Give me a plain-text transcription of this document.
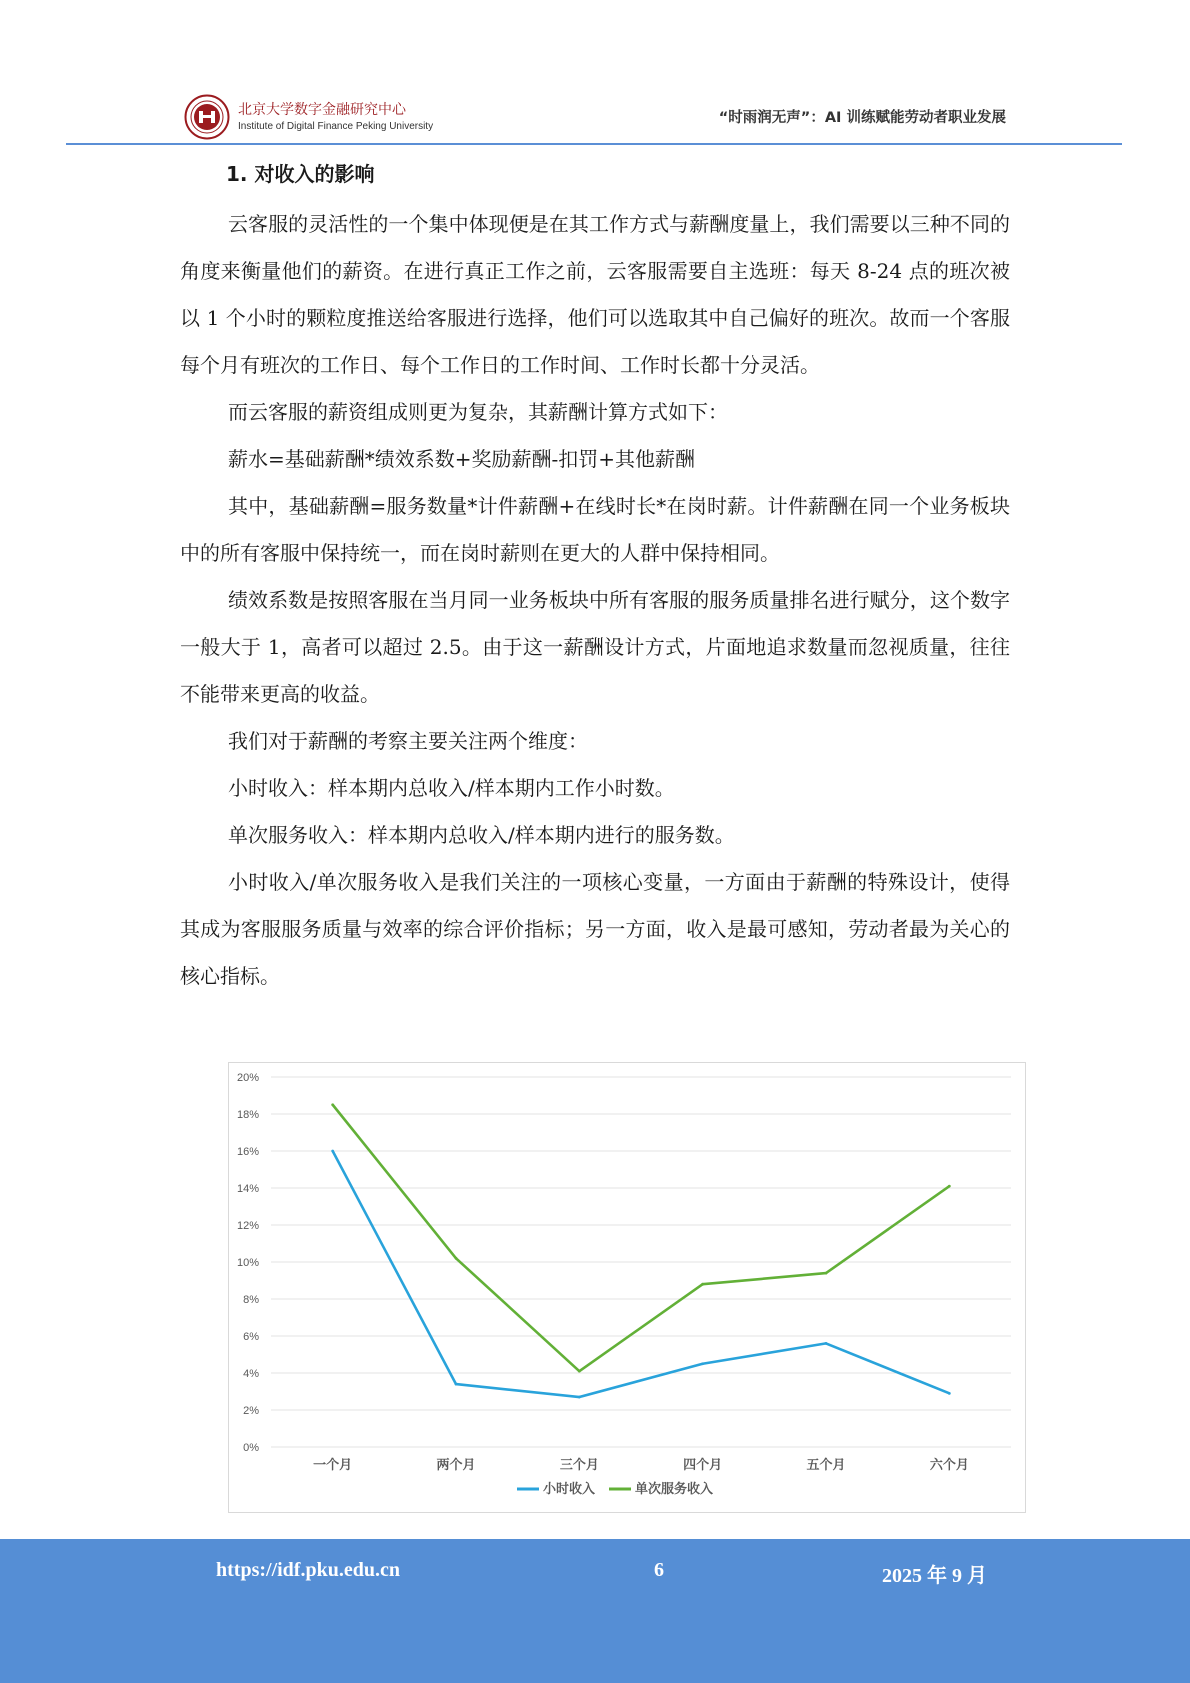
北京大学数字金融研究中心
Institute of Digital Finance Peking University
“时雨润无声”：AI 训练赋能劳动者职业发展
1. 对收入的影响

云客服的灵活性的一个集中体现便是在其工作方式与薪酬度量上，我们需要以三种不同的角度来衡量他们的薪资。在进行真正工作之前，云客服需要自主选班：每天 8-24 点的班次被以 1 个小时的颗粒度推送给客服进行选择，他们可以选取其中自己偏好的班次。故而一个客服每个月有班次的工作日、每个工作日的工作时间、工作时长都十分灵活。

而云客服的薪资组成则更为复杂，其薪酬计算方式如下：

薪水=基础薪酬*绩效系数+奖励薪酬-扣罚+其他薪酬

其中，基础薪酬=服务数量*计件薪酬+在线时长*在岗时薪。计件薪酬在同一个业务板块中的所有客服中保持统一，而在岗时薪则在更大的人群中保持相同。

绩效系数是按照客服在当月同一业务板块中所有客服的服务质量排名进行赋分，这个数字一般大于 1，高者可以超过 2.5。由于这一薪酬设计方式，片面地追求数量而忽视质量，往往不能带来更高的收益。

我们对于薪酬的考察主要关注两个维度：

小时收入：样本期内总收入/样本期内工作小时数。

单次服务收入：样本期内总收入/样本期内进行的服务数。

小时收入/单次服务收入是我们关注的一项核心变量，一方面由于薪酬的特殊设计，使得其成为客服服务质量与效率的综合评价指标；另一方面，收入是最可感知，劳动者最为关心的核心指标。

0%
2%
4%
6%
8%
10%
12%
14%
16%
18%
20%
一个月	两个月	三个月	四个月	五个月	六个月
小时收入	单次服务收入
https://idf.pku.edu.cn	6	2025 年 9 月
